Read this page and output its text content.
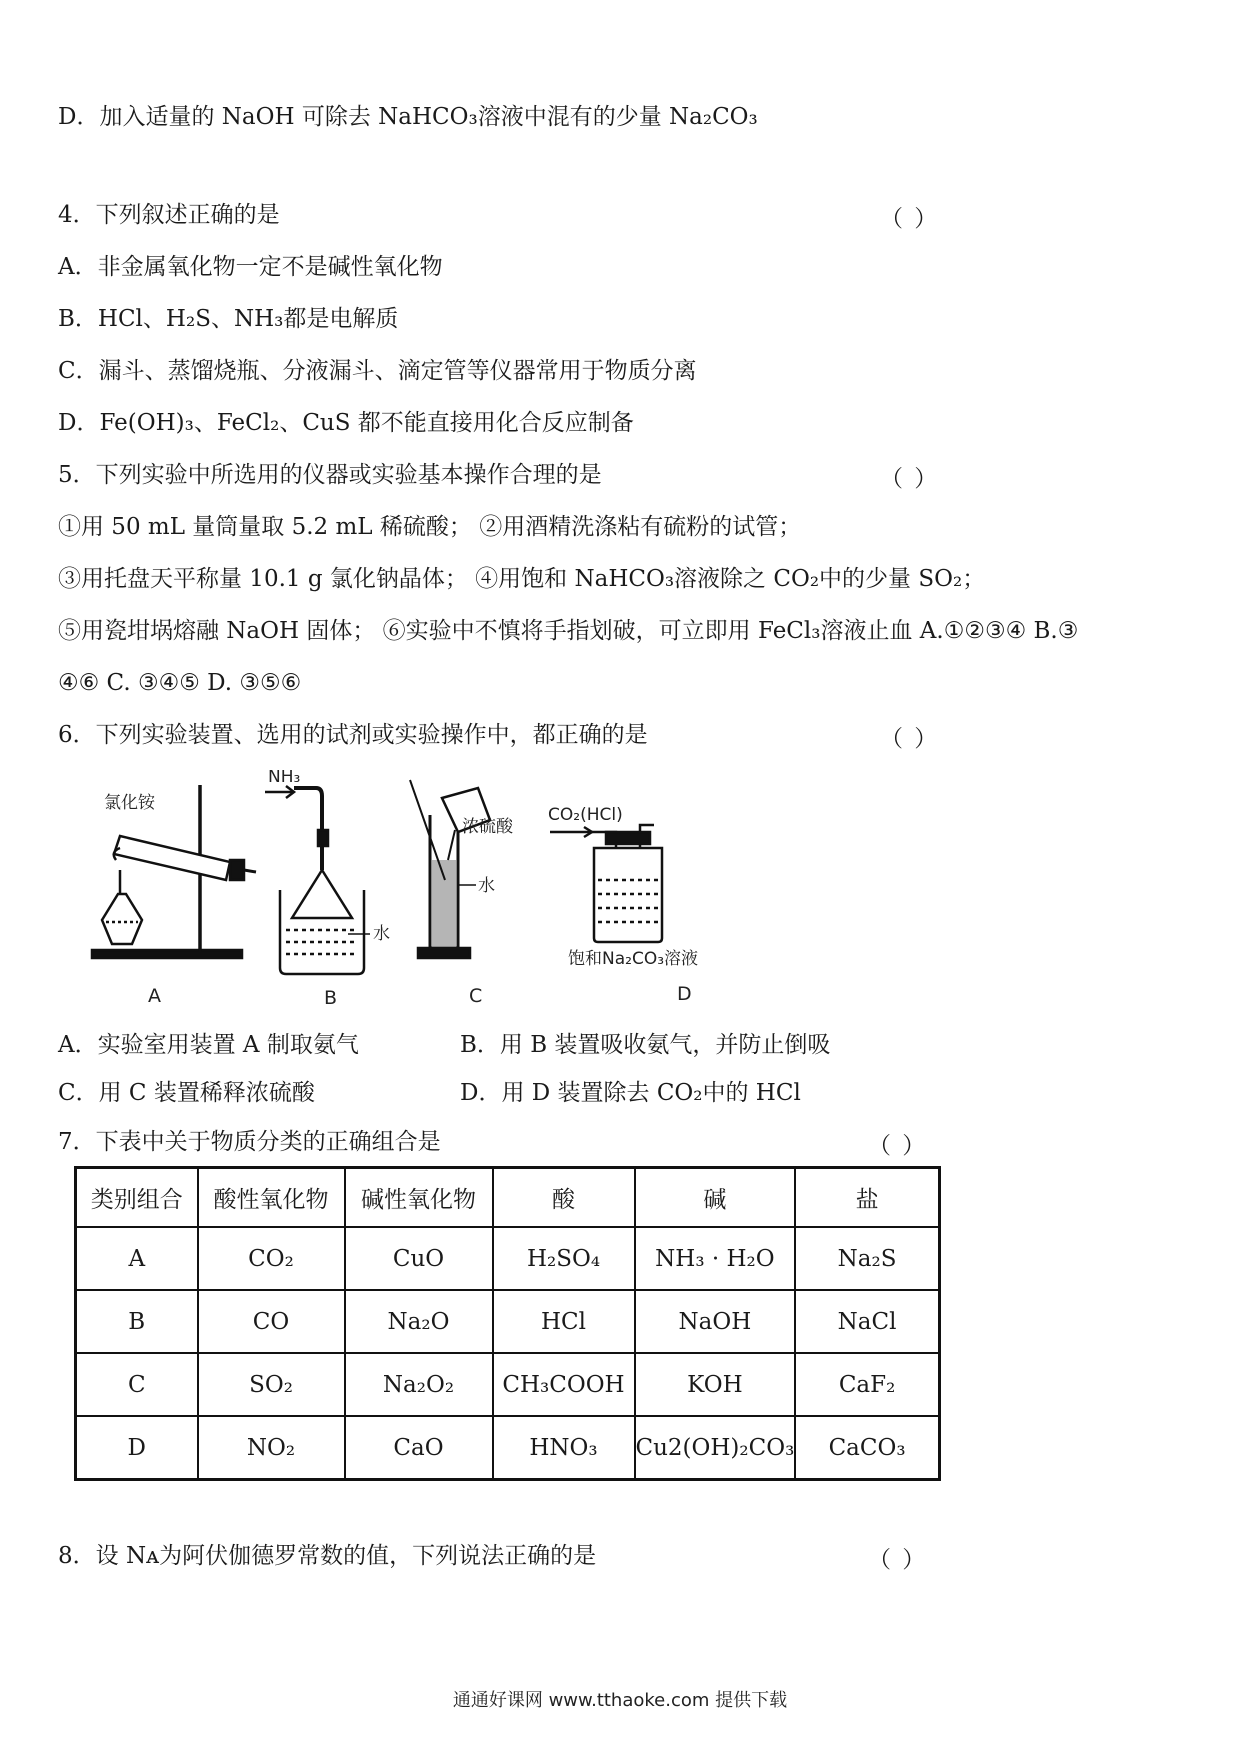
D．加入适量的 NaOH 可除去 NaHCO₃溶液中混有的少量 Na₂CO₃
4．下列叙述正确的是	（ ）
A．非金属氧化物一定不是碱性氧化物
B．HCl、H₂S、NH₃都是电解质
C．漏斗、蒸馏烧瓶、分液漏斗、滴定管等仪器常用于物质分离
D．Fe(OH)₃、FeCl₂、CuS 都不能直接用化合反应制备
5．下列实验中所选用的仪器或实验基本操作合理的是	（ ）
①用 50 mL 量筒量取 5.2 mL 稀硫酸； ②用酒精洗涤粘有硫粉的试管；
③用托盘天平称量 10.1 g 氯化钠晶体； ④用饱和 NaHCO₃溶液除之 CO₂中的少量 SO₂；
⑤用瓷坩埚熔融 NaOH 固体； ⑥实验中不慎将手指划破，可立即用 FeCl₃溶液止血 A.①②③④ B.③
④⑥ C. ③④⑤ D. ③⑤⑥
6．下列实验装置、选用的试剂或实验操作中，都正确的是	（ ）
氯化铵
NH₃
水
浓硫酸
水
CO₂(HCl)
饱和Na₂CO₃溶液
A	B	C	D
A．实验室用装置 A 制取氨气	B．用 B 装置吸收氨气，并防止倒吸
C．用 C 装置稀释浓硫酸	D．用 D 装置除去 CO₂中的 HCl
7．下表中关于物质分类的正确组合是	（ ）
类别组合	酸性氧化物	碱性氧化物	酸	碱	盐
A	CO₂	CuO	H₂SO₄	NH₃ · H₂O	Na₂S
B	CO	Na₂O	HCl	NaOH	NaCl
C	SO₂	Na₂O₂	CH₃COOH	KOH	CaF₂
D	NO₂	CaO	HNO₃	Cu2(OH)₂CO₃	CaCO₃
8．设 Nᴀ为阿伏伽德罗常数的值，下列说法正确的是	（ ）
通通好课网 www.tthaoke.com 提供下载
